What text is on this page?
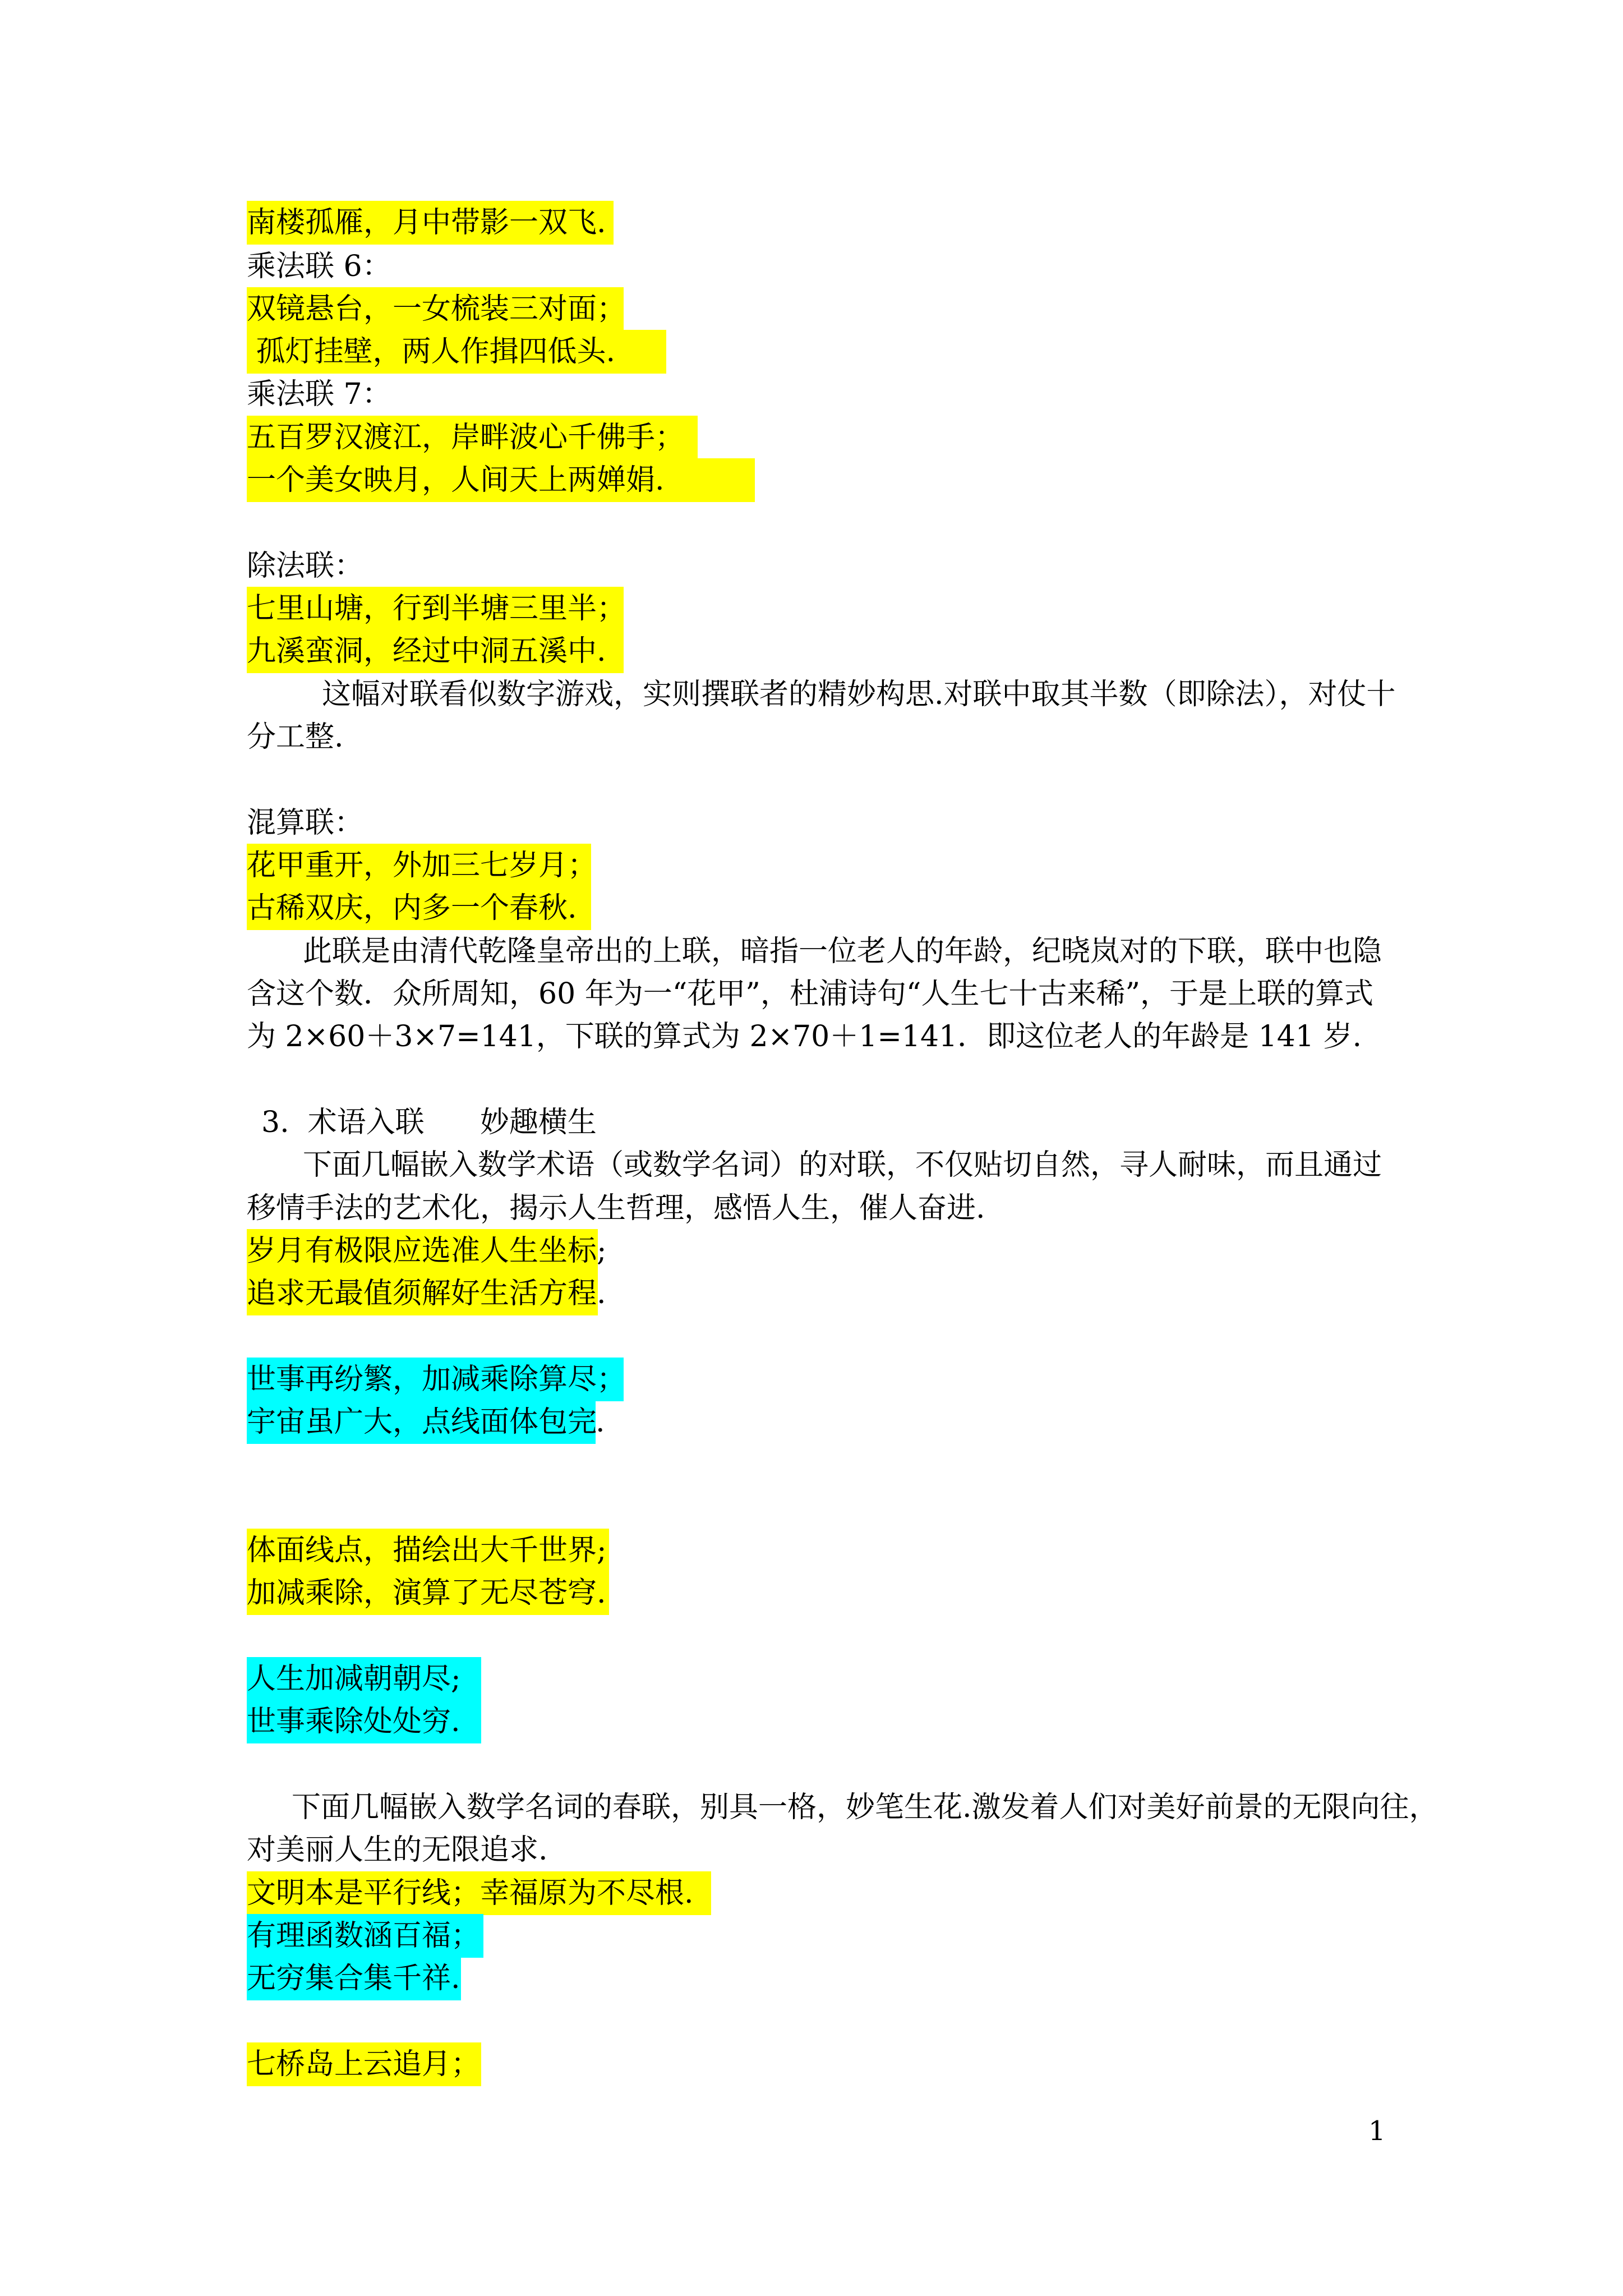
南楼孤雁，月中带影一双飞.
乘法联 6：
双镜悬台，一女梳装三对面；
孤灯挂壁，两人作揖四低头.
乘法联 7：
五百罗汉渡江，岸畔波心千佛手；
一个美女映月，人间天上两婵娟.
除法联：
七里山塘，行到半塘三里半；
九溪蛮洞，经过中洞五溪中.
这幅对联看似数字游戏，实则撰联者的精妙构思.对联中取其半数（即除法），对仗十
分工整.
混算联：
花甲重开，外加三七岁月；
古稀双庆，内多一个春秋.
此联是由清代乾隆皇帝出的上联，暗指一位老人的年龄，纪晓岚对的下联，联中也隐
含这个数．众所周知，60 年为一“花甲”，杜浦诗句“人生七十古来稀”，于是上联的算式
为 2×60＋3×7=141，下联的算式为 2×70＋1=141．即这位老人的年龄是 141 岁.
3.  术语入联      妙趣横生
下面几幅嵌入数学术语（或数学名词）的对联，不仅贴切自然，寻人耐味，而且通过
移情手法的艺术化，揭示人生哲理，感悟人生，催人奋进.
岁月有极限应选准人生坐标;
追求无最值须解好生活方程.
世事再纷繁，加减乘除算尽；
宇宙虽广大，点线面体包完.
体面线点，描绘出大千世界;
加减乘除，演算了无尽苍穹.
人生加减朝朝尽;
世事乘除处处穷.
下面几幅嵌入数学名词的春联，别具一格，妙笔生花.激发着人们对美好前景的无限向往，
对美丽人生的无限追求.
文明本是平行线；幸福原为不尽根.
有理函数涵百福；
无穷集合集千祥.
七桥岛上云追月；
1
